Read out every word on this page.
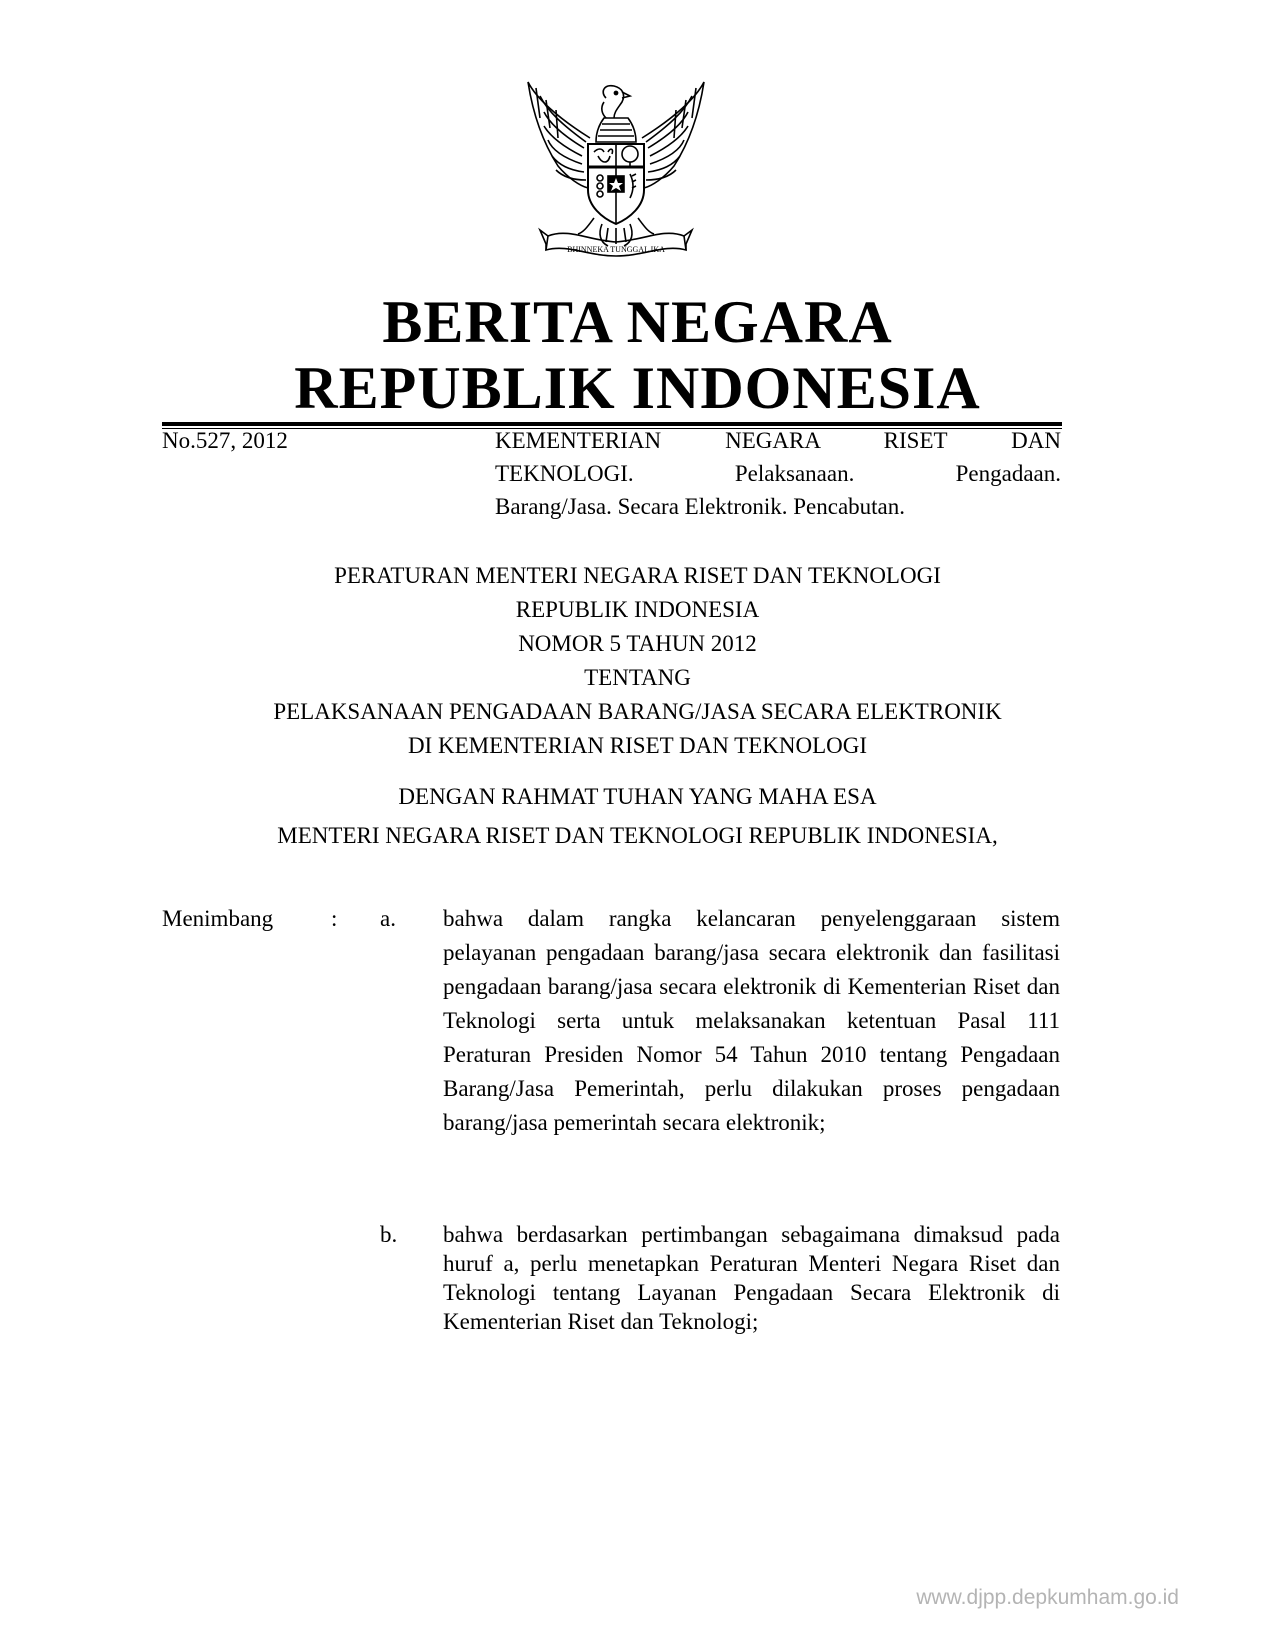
BHINNEKA TUNGGAL IKA
BERITA NEGARA
REPUBLIK INDONESIA
No.527, 2012	KEMENTERIAN NEGARA RISET DAN
TEKNOLOGI. Pelaksanaan. Pengadaan.
Barang/Jasa. Secara Elektronik. Pencabutan.
PERATURAN MENTERI NEGARA RISET DAN TEKNOLOGI
REPUBLIK INDONESIA
NOMOR 5 TAHUN 2012
TENTANG
PELAKSANAAN PENGADAAN BARANG/JASA SECARA ELEKTRONIK
DI KEMENTERIAN RISET DAN TEKNOLOGI
DENGAN RAHMAT TUHAN YANG MAHA ESA
MENTERI NEGARA RISET DAN TEKNOLOGI REPUBLIK INDONESIA,
Menimbang	: a. bahwa dalam rangka kelancaran penyelenggaraan sistem pelayanan pengadaan barang/jasa secara elektronik dan fasilitasi pengadaan barang/jasa secara elektronik di Kementerian Riset dan Teknologi serta untuk melaksanakan ketentuan Pasal 111 Peraturan Presiden Nomor 54 Tahun 2010 tentang Pengadaan Barang/Jasa Pemerintah, perlu dilakukan proses pengadaan barang/jasa pemerintah secara elektronik;
b. bahwa berdasarkan pertimbangan sebagaimana dimaksud pada huruf a, perlu menetapkan Peraturan Menteri Negara Riset dan Teknologi tentang Layanan Pengadaan Secara Elektronik di Kementerian Riset dan Teknologi;
www.djpp.depkumham.go.id
